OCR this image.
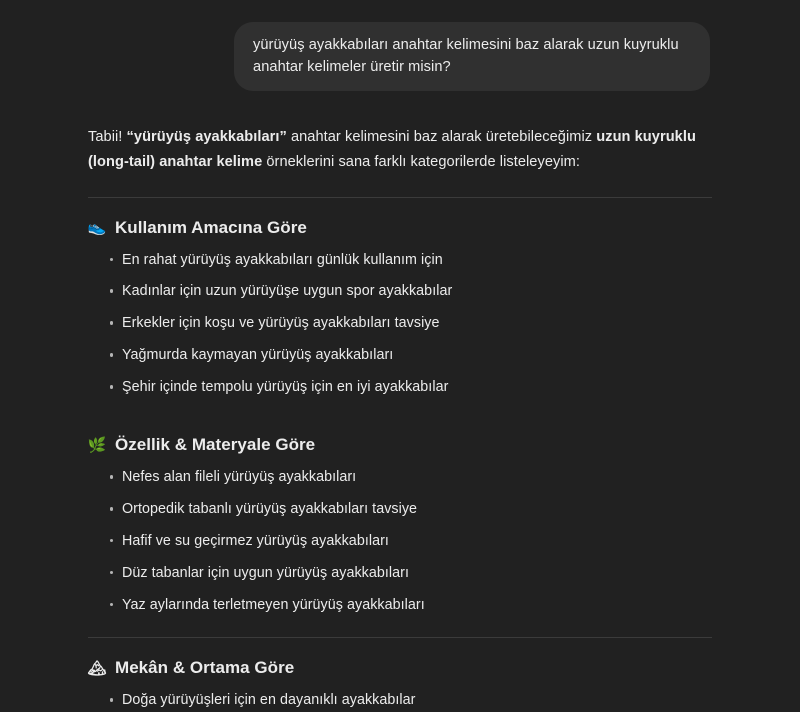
yürüyüş ayakkabıları anahtar kelimesini baz alarak uzun kuyruklu anahtar kelimeler üretir misin?

Tabii! “yürüyüş ayakkabıları” anahtar kelimesini baz alarak üretebileceğimiz uzun kuyruklu (long-tail) anahtar kelime örneklerini sana farklı kategorilerde listeleyeyim:

👟 Kullanım Amacına Göre
En rahat yürüyüş ayakkabıları günlük kullanım için
Kadınlar için uzun yürüyüşe uygun spor ayakkabılar
Erkekler için koşu ve yürüyüş ayakkabıları tavsiye
Yağmurda kaymayan yürüyüş ayakkabıları
Şehir içinde tempolu yürüyüş için en iyi ayakkabılar
🌿 Özellik & Materyale Göre
Nefes alan fileli yürüyüş ayakkabıları
Ortopedik tabanlı yürüyüş ayakkabıları tavsiye
Hafif ve su geçirmez yürüyüş ayakkabıları
Düz tabanlar için uygun yürüyüş ayakkabıları
Yaz aylarında terletmeyen yürüyüş ayakkabıları
🏔 Mekân & Ortama Göre
Doğa yürüyüşleri için en dayanıklı ayakkabılar
